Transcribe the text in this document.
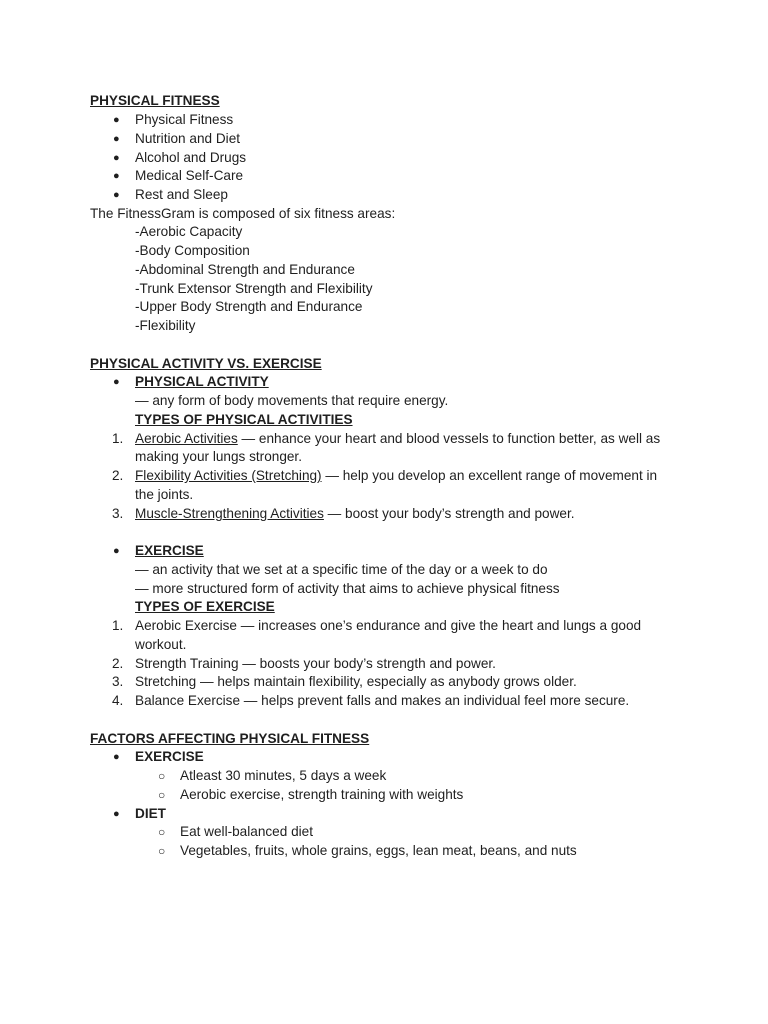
PHYSICAL FITNESS
● Physical Fitness
● Nutrition and Diet
● Alcohol and Drugs
● Medical Self-Care
● Rest and Sleep
The FitnessGram is composed of six fitness areas:
-Aerobic Capacity
-Body Composition
-Abdominal Strength and Endurance
-Trunk Extensor Strength and Flexibility
-Upper Body Strength and Endurance
-Flexibility
PHYSICAL ACTIVITY VS. EXERCISE
● PHYSICAL ACTIVITY
— any form of body movements that require energy.
TYPES OF PHYSICAL ACTIVITIES
1. Aerobic Activities — enhance your heart and blood vessels to function better, as well as
making your lungs stronger.
2. Flexibility Activities (Stretching) — help you develop an excellent range of movement in
the joints.
3. Muscle-Strengthening Activities — boost your body’s strength and power.
● EXERCISE
— an activity that we set at a specific time of the day or a week to do
— more structured form of activity that aims to achieve physical fitness
TYPES OF EXERCISE
1. Aerobic Exercise — increases one’s endurance and give the heart and lungs a good
workout.
2. Strength Training — boosts your body’s strength and power.
3. Stretching — helps maintain flexibility, especially as anybody grows older.
4. Balance Exercise — helps prevent falls and makes an individual feel more secure.
FACTORS AFFECTING PHYSICAL FITNESS
● EXERCISE
○ Atleast 30 minutes, 5 days a week
○ Aerobic exercise, strength training with weights
● DIET
○ Eat well-balanced diet
○ Vegetables, fruits, whole grains, eggs, lean meat, beans, and nuts
